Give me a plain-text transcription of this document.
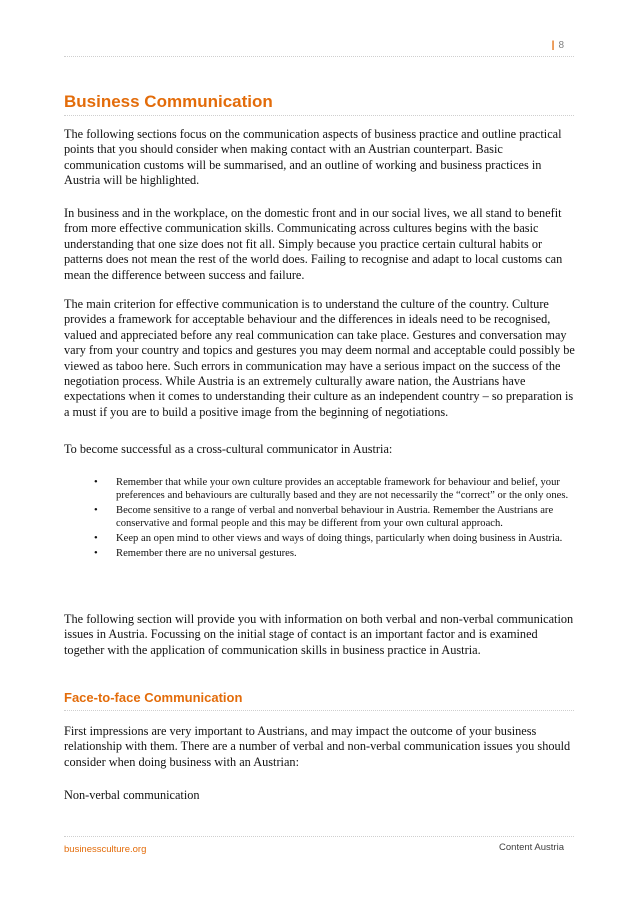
| 8
Business Communication

The following sections focus on the communication aspects of business practice and outline practical points that you should consider when making contact with an Austrian counterpart. Basic communication customs will be summarised, and an outline of working and business practices in Austria will be highlighted.

In business and in the workplace, on the domestic front and in our social lives, we all stand to benefit from more effective communication skills. Communicating across cultures begins with the basic understanding that one size does not fit all. Simply because you practice certain cultural habits or patterns does not mean the rest of the world does. Failing to recognise and adapt to local customs can mean the difference between success and failure.

The main criterion for effective communication is to understand the culture of the country. Culture provides a framework for acceptable behaviour and the differences in ideals need to be recognised, valued and appreciated before any real communication can take place. Gestures and conversation may vary from your country and topics and gestures you may deem normal and acceptable could possibly be viewed as taboo here. Such errors in communication may have a serious impact on the success of the negotiation process. While Austria is an extremely culturally aware nation, the Austrians have expectations when it comes to understanding their culture as an independent country – so preparation is a must if you are to build a positive image from the beginning of negotiations.

To become successful as a cross-cultural communicator in Austria:

• Remember that while your own culture provides an acceptable framework for behaviour and belief, your preferences and behaviours are culturally based and they are not necessarily the “correct” or the only ones.
• Become sensitive to a range of verbal and nonverbal behaviour in Austria. Remember the Austrians are conservative and formal people and this may be different from your own cultural approach.
• Keep an open mind to other views and ways of doing things, particularly when doing business in Austria.
• Remember there are no universal gestures.

The following section will provide you with information on both verbal and non-verbal communication issues in Austria. Focussing on the initial stage of contact is an important factor and is examined together with the application of communication skills in business practice in Austria.

Face-to-face Communication

First impressions are very important to Austrians, and may impact the outcome of your business relationship with them. There are a number of verbal and non-verbal communication issues you should consider when doing business with an Austrian:

Non-verbal communication

businessculture.org	Content Austria
